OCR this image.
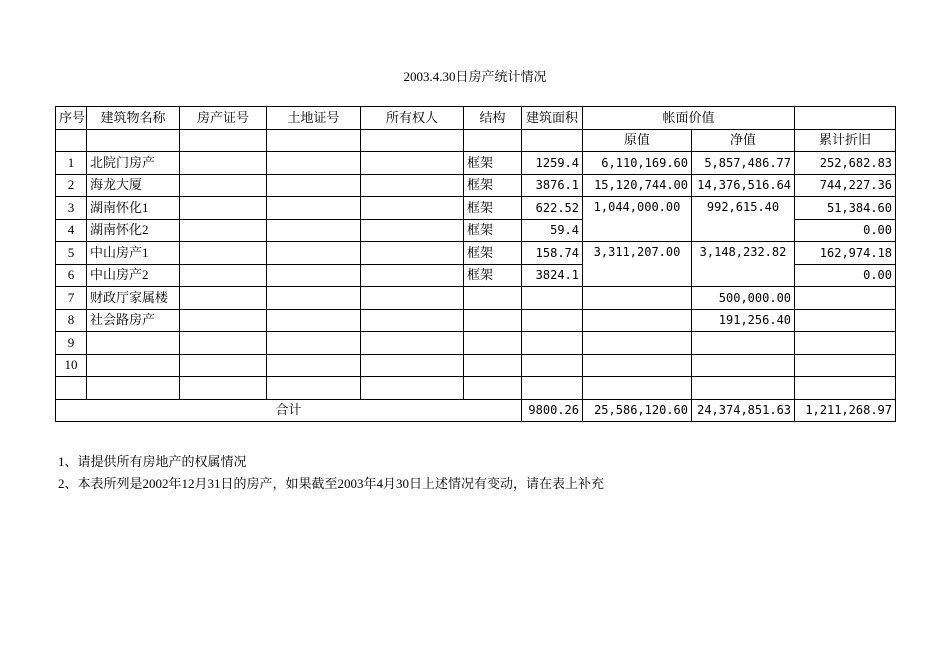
2003.4.30日房产统计情况
序号	建筑物名称	房产证号	土地证号	所有权人	结构	建筑面积	帐面价值		
							原值	净值	累计折旧
1	北院门房产				框架	1259.4	6,110,169.60	5,857,486.77	252,682.83
2	海龙大厦				框架	3876.1	15,120,744.00	14,376,516.64	744,227.36
3	湖南怀化1				框架	622.52	1,044,000.00	992,615.40	51,384.60
4	湖南怀化2				框架	59.4			0.00
5	中山房产1				框架	158.74	3,311,207.00	3,148,232.82	162,974.18
6	中山房产2				框架	3824.1			0.00
7	财政厅家属楼							500,000.00	
8	社会路房产							191,256.40	
9									
10									

合计						9800.26	25,586,120.60	24,374,851.63	1,211,268.97
1、请提供所有房地产的权属情况
2、本表所列是2002年12月31日的房产，如果截至2003年4月30日上述情况有变动，请在表上补充
